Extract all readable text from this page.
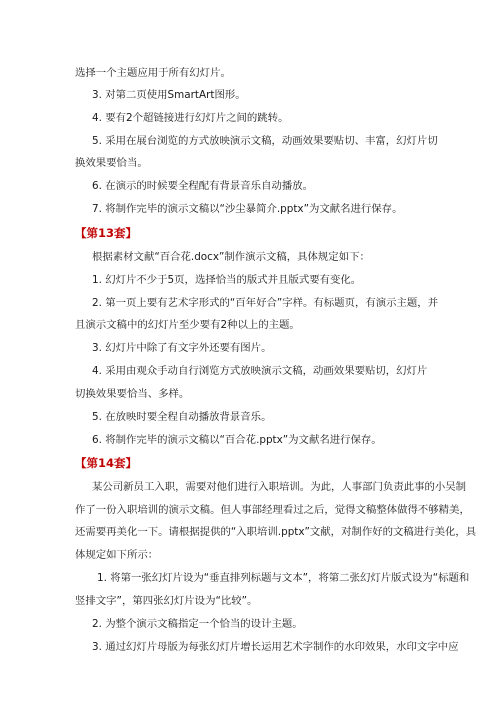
选择一个主题应用于所有幻灯片。
3. 对第二页使用SmartArt图形。
4. 要有2个超链接进行幻灯片之间的跳转。
5. 采用在展台浏览的方式放映演示文稿，动画效果要贴切、丰富，幻灯片切
换效果要恰当。
6. 在演示的时候要全程配有背景音乐自动播放。
7. 将制作完毕的演示文稿以“沙尘暴简介.pptx”为文献名进行保存。
【第13套】
根据素材文献“百合花.docx”制作演示文稿，具体规定如下：
1. 幻灯片不少于5页，选择恰当的版式并且版式要有变化。
2. 第一页上要有艺术字形式的“百年好合”字样。有标题页，有演示主题，并
且演示文稿中的幻灯片至少要有2种以上的主题。
3. 幻灯片中除了有文字外还要有图片。
4. 采用由观众手动自行浏览方式放映演示文稿，动画效果要贴切，幻灯片
切换效果要恰当、多样。
5. 在放映时要全程自动播放背景音乐。
6. 将制作完毕的演示文稿以“百合花.pptx”为文献名进行保存。
【第14套】
某公司新员工入职，需要对他们进行入职培训。为此，人事部门负责此事的小吴制
作了一份入职培训的演示文稿。但人事部经理看过之后，觉得文稿整体做得不够精美，
还需要再美化一下。请根据提供的“入职培训.pptx”文献，对制作好的文稿进行美化，具
体规定如下所示：
1. 将第一张幻灯片设为“垂直排列标题与文本”，将第二张幻灯片版式设为“标题和
竖排文字”，第四张幻灯片设为“比较”。
2. 为整个演示文稿指定一个恰当的设计主题。
3. 通过幻灯片母版为每张幻灯片增长运用艺术字制作的水印效果，水印文字中应
